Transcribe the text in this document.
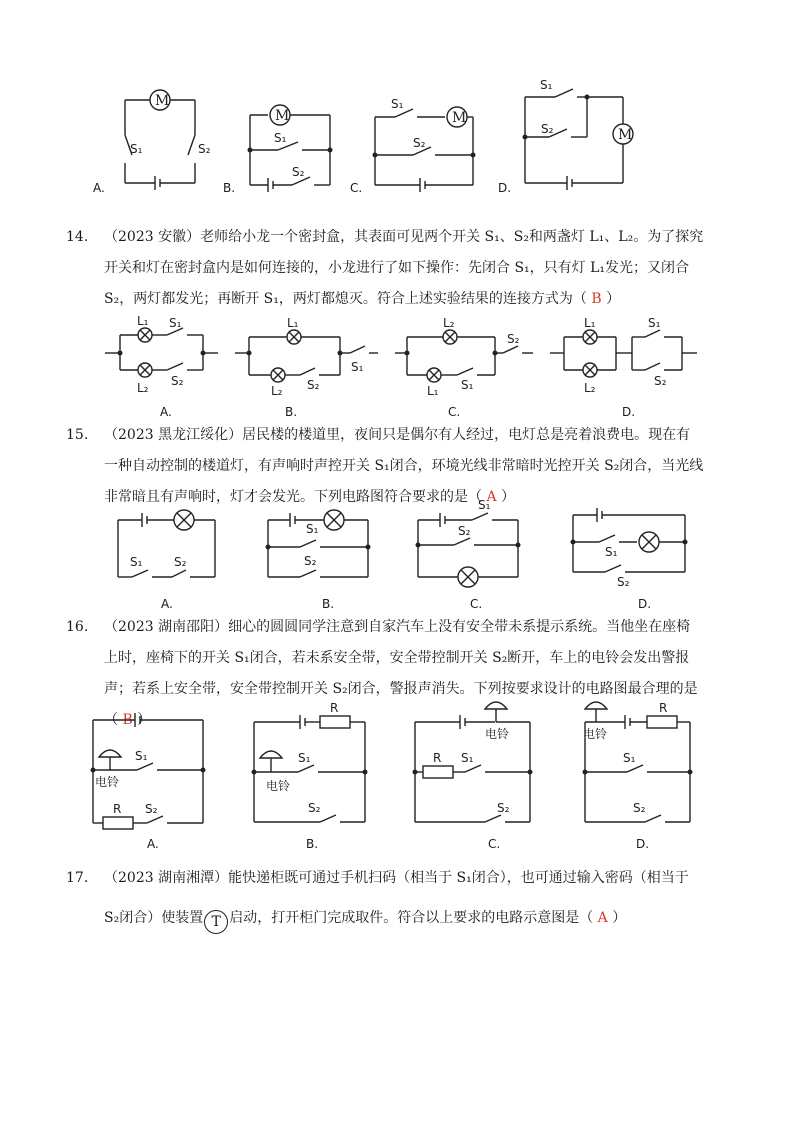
M
S₁	S₂
M
S₁
S₂
S₁
M
S₂
S₁
S₂	M
A.	B.	C.	D.
14. （2023 安徽）老师给小龙一个密封盒，其表面可见两个开关 S₁、S₂和两盏灯 L₁、L₂。为了探究开关和灯在密封盒内是如何连接的，小龙进行了如下操作：先闭合 S₁，只有灯 L₁发光；又闭合 S₂，两灯都发光；再断开 S₁，两灯都熄灭。符合上述实验结果的连接方式为（ B ）
L₁ S₁
L₂ S₂
L₁
L₂ S₂
S₁
L₂
L₁ S₁
S₂
L₁
L₂
S₁
S₂
A.	B.	C.	D.
15. （2023 黑龙江绥化）居民楼的楼道里，夜间只是偶尔有人经过，电灯总是亮着浪费电。现在有一种自动控制的楼道灯，有声响时声控开关 S₁闭合，环境光线非常暗时光控开关 S₂闭合，当光线非常暗且有声响时，灯才会发光。下列电路图符合要求的是（ A ）
S₁	S₂
S₁
S₂
S₁
S₂
S₁
S₂
A.	B.	C.	D.
16. （2023 湖南邵阳）细心的圆圆同学注意到自家汽车上没有安全带未系提示系统。当他坐在座椅上时，座椅下的开关 S₁闭合，若未系安全带，安全带控制开关 S₂断开，车上的电铃会发出警报声；若系上安全带，安全带控制开关 S₂闭合，警报声消失。下列按要求设计的电路图最合理的是（ B ）
S₁
电铃
R S₂
R
S₁
电铃
S₂
电铃
R S₁
S₂
电铃
R
S₁
S₂
A.	B.	C.	D.
17. （2023 湖南湘潭）能快递柜既可通过手机扫码（相当于 S₁闭合），也可通过输入密码（相当于 S₂闭合）使装置 T 启动，打开柜门完成取件。符合以上要求的电路示意图是（ A ）
